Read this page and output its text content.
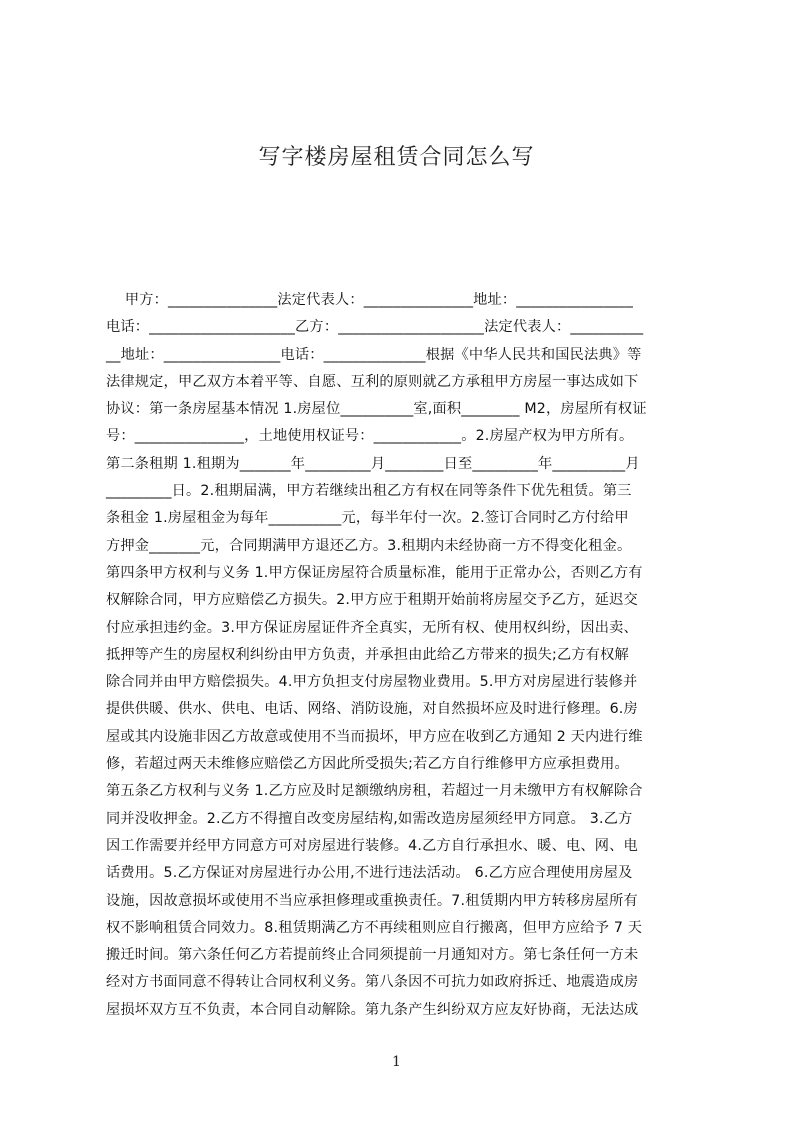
写字楼房屋租赁合同怎么写
甲方：_______________法定代表人：_______________地址：________________
电话：____________________乙方：____________________法定代表人：__________
__地址：________________电话：______________根据《中华人民共和国民法典》等
法律规定，甲乙双方本着平等、自愿、互利的原则就乙方承租甲方房屋一事达成如下
协议：第一条房屋基本情况 1.房屋位__________室,面积________ M2，房屋所有权证
号：_______________，土地使用权证号：____________。2.房屋产权为甲方所有。
第二条租期 1.租期为_______年_________月________日至_________年__________月
_________日。2.租期届满，甲方若继续出租乙方有权在同等条件下优先租赁。第三
条租金 1.房屋租金为每年__________元，每半年付一次。2.签订合同时乙方付给甲
方押金_______元，合同期满甲方退还乙方。3.租期内未经协商一方不得变化租金。
第四条甲方权利与义务 1.甲方保证房屋符合质量标准，能用于正常办公，否则乙方有
权解除合同，甲方应赔偿乙方损失。2.甲方应于租期开始前将房屋交予乙方，延迟交
付应承担违约金。3.甲方保证房屋证件齐全真实，无所有权、使用权纠纷，因出卖、
抵押等产生的房屋权利纠纷由甲方负责，并承担由此给乙方带来的损失;乙方有权解
除合同并由甲方赔偿损失。4.甲方负担支付房屋物业费用。5.甲方对房屋进行装修并
提供供暖、供水、供电、电话、网络、消防设施，对自然损坏应及时进行修理。6.房
屋或其内设施非因乙方故意或使用不当而损坏，甲方应在收到乙方通知 2 天内进行维
修，若超过两天未维修应赔偿乙方因此所受损失;若乙方自行维修甲方应承担费用。
第五条乙方权利与义务 1.乙方应及时足额缴纳房租，若超过一月未缴甲方有权解除合
同并没收押金。2.乙方不得擅自改变房屋结构,如需改造房屋须经甲方同意。 3.乙方
因工作需要并经甲方同意方可对房屋进行装修。4.乙方自行承担水、暖、电、网、电
话费用。5.乙方保证对房屋进行办公用,不进行违法活动。 6.乙方应合理使用房屋及
设施，因故意损坏或使用不当应承担修理或重换责任。7.租赁期内甲方转移房屋所有
权不影响租赁合同效力。8.租赁期满乙方不再续租则应自行搬离，但甲方应给予 7 天
搬迁时间。第六条任何乙方若提前终止合同须提前一月通知对方。第七条任何一方未
经对方书面同意不得转让合同权利义务。第八条因不可抗力如政府拆迁、地震造成房
屋损坏双方互不负责，本合同自动解除。第九条产生纠纷双方应友好协商，无法达成
1
